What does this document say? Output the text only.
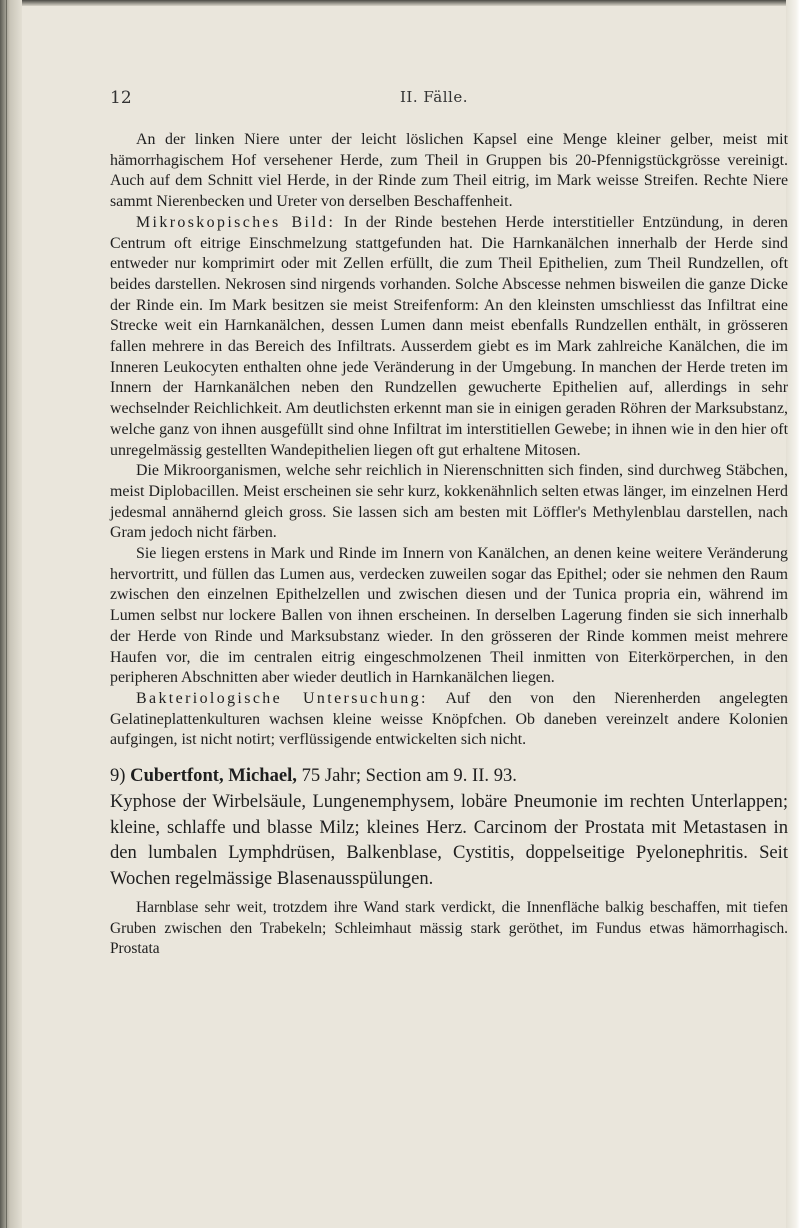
12	II. Fälle.

An der linken Niere unter der leicht löslichen Kapsel eine Menge kleiner gelber, meist mit hämorrhagischem Hof versehener Herde, zum Theil in Gruppen bis 20-Pfennigstückgrösse vereinigt. Auch auf dem Schnitt viel Herde, in der Rinde zum Theil eitrig, im Mark weisse Streifen. Rechte Niere sammt Nierenbecken und Ureter von derselben Beschaffenheit.

Mikroskopisches Bild: In der Rinde bestehen Herde interstitieller Entzündung, in deren Centrum oft eitrige Einschmelzung stattgefunden hat. Die Harnkanälchen innerhalb der Herde sind entweder nur komprimirt oder mit Zellen erfüllt, die zum Theil Epithelien, zum Theil Rundzellen, oft beides darstellen. Nekrosen sind nirgends vorhanden. Solche Abscesse nehmen bisweilen die ganze Dicke der Rinde ein. Im Mark besitzen sie meist Streifenform: An den kleinsten umschliesst das Infiltrat eine Strecke weit ein Harnkanälchen, dessen Lumen dann meist ebenfalls Rundzellen enthält, in grösseren fallen mehrere in das Bereich des Infiltrats. Ausserdem giebt es im Mark zahlreiche Kanälchen, die im Inneren Leukocyten enthalten ohne jede Veränderung in der Umgebung. In manchen der Herde treten im Innern der Harnkanälchen neben den Rundzellen gewucherte Epithelien auf, allerdings in sehr wechselnder Reichlichkeit. Am deutlichsten erkennt man sie in einigen geraden Röhren der Marksubstanz, welche ganz von ihnen ausgefüllt sind ohne Infiltrat im interstitiellen Gewebe; in ihnen wie in den hier oft unregelmässig gestellten Wandepithelien liegen oft gut erhaltene Mitosen.

Die Mikroorganismen, welche sehr reichlich in Nierenschnitten sich finden, sind durchweg Stäbchen, meist Diplobacillen. Meist erscheinen sie sehr kurz, kokkenähnlich selten etwas länger, im einzelnen Herd jedesmal annähernd gleich gross. Sie lassen sich am besten mit Löffler's Methylenblau darstellen, nach Gram jedoch nicht färben.

Sie liegen erstens in Mark und Rinde im Innern von Kanälchen, an denen keine weitere Veränderung hervortritt, und füllen das Lumen aus, verdecken zuweilen sogar das Epithel; oder sie nehmen den Raum zwischen den einzelnen Epithelzellen und zwischen diesen und der Tunica propria ein, während im Lumen selbst nur lockere Ballen von ihnen erscheinen. In derselben Lagerung finden sie sich innerhalb der Herde von Rinde und Marksubstanz wieder. In den grösseren der Rinde kommen meist mehrere Haufen vor, die im centralen eitrig eingeschmolzenen Theil inmitten von Eiterkörperchen, in den peripheren Abschnitten aber wieder deutlich in Harnkanälchen liegen.

Bakteriologische Untersuchung: Auf den von den Nierenherden angelegten Gelatineplattenkulturen wachsen kleine weisse Knöpfchen. Ob daneben vereinzelt andere Kolonien aufgingen, ist nicht notirt; verflüssigende entwickelten sich nicht.

9) Cubertfont, Michael, 75 Jahr; Section am 9. II. 93.

Kyphose der Wirbelsäule, Lungenemphysem, lobäre Pneumonie im rechten Unterlappen; kleine, schlaffe und blasse Milz; kleines Herz. Carcinom der Prostata mit Metastasen in den lumbalen Lymphdrüsen, Balkenblase, Cystitis, doppelseitige Pyelonephritis. Seit Wochen regelmässige Blasenausspülungen.

Harnblase sehr weit, trotzdem ihre Wand stark verdickt, die Innenfläche balkig beschaffen, mit tiefen Gruben zwischen den Trabekeln; Schleimhaut mässig stark geröthet, im Fundus etwas hämorrhagisch. Prostata
